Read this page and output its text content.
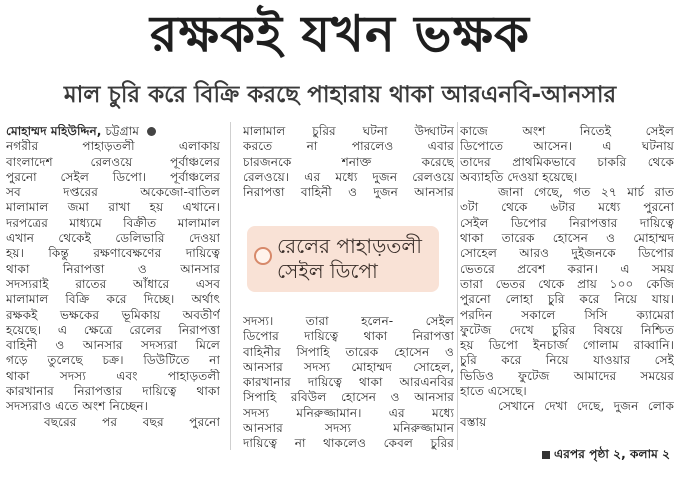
রক্ষকই যখন ভক্ষক
মাল চুরি করে বিক্রি করছে পাহারায় থাকা আরএনবি-আনসার
মোহাম্মদ মহিউদ্দিন, চট্টগ্রাম
নগরীর পাহাড়তলী এলাকায়
বাংলাদেশ রেলওয়ে পূর্বাঞ্চলের
পুরনো সেইল ডিপো। পূর্বাঞ্চলের
সব দপ্তরের অকেজো-বাতিল
মালামাল জমা রাখা হয় এখানে।
দরপত্রের মাধ্যমে বিক্রীত মালামাল
এখান থেকেই ডেলিভারি দেওয়া
হয়। কিন্তু রক্ষণাবেক্ষণের দায়িত্বে
থাকা নিরাপত্তা ও আনসার
সদস্যরাই রাতের আঁধারে এসব
মালামাল বিক্রি করে দিচ্ছে। অর্থাৎ
রক্ষকই ভক্ষকের ভূমিকায় অবতীর্ণ
হয়েছে। এ ক্ষেত্রে রেলের নিরাপত্তা
বাহিনী ও আনসার সদস্যরা মিলে
গড়ে তুলেছে চক্র। ডিউটিতে না
থাকা সদস্য এবং পাহাড়তলী
কারখানার নিরাপত্তার দায়িত্বে থাকা
সদস্যরাও এতে অংশ নিচ্ছেন।
বছরের পর বছর পুরনো
মালামাল চুরির ঘটনা উদ্ঘাটন
করতে না পারলেও এবার
চারজনকে শনাক্ত করেছে
রেলওয়ে। এর মধ্যে দুজন রেলওয়ে
নিরাপত্তা বাহিনী ও দুজন আনসার
রেলের পাহাড়তলী
সেইল ডিপো
সদস্য। তারা হলেন- সেইল
ডিপোর দায়িত্বে থাকা নিরাপত্তা
বাহিনীর সিপাহি তারেক হোসেন ও
আনসার সদস্য মোহাম্মদ সোহেল,
কারখানার দায়িত্বে থাকা আরএনবির
সিপাহি রবিউল হোসেন ও আনসার
সদস্য মনিরুজ্জামান। এর মধ্যে
আনসার সদস্য মনিরুজ্জামান
দায়িত্বে না থাকলেও কেবল চুরির
কাজে অংশ নিতেই সেইল
ডিপোতে আসেন। এ ঘটনায়
তাদের প্রাথমিকভাবে চাকরি থেকে
অব্যাহতি দেওয়া হয়েছে।
জানা গেছে, গত ২৭ মার্চ রাত
৩টা থেকে ৬টার মধ্যে পুরনো
সেইল ডিপোর নিরাপত্তার দায়িত্বে
থাকা তারেক হোসেন ও মোহাম্মদ
সোহেল আরও দুইজনকে ডিপোর
ভেতরে প্রবেশ করান। এ সময়
তারা ভেতর থেকে প্রায় ১০০ কেজি
পুরনো লোহা চুরি করে নিয়ে যায়।
পরদিন সকালে সিসি ক্যামেরা
ফুটেজ দেখে চুরির বিষয়ে নিশ্চিত
হয় ডিপো ইনচার্জ গোলাম রাব্বানি।
চুরি করে নিয়ে যাওয়ার সেই
ভিডিও ফুটেজ আমাদের সময়ের
হাতে এসেছে।
সেখানে দেখা দেছে, দুজন লোক
বস্তায়
এরপর পৃষ্ঠা ২, কলাম ২
